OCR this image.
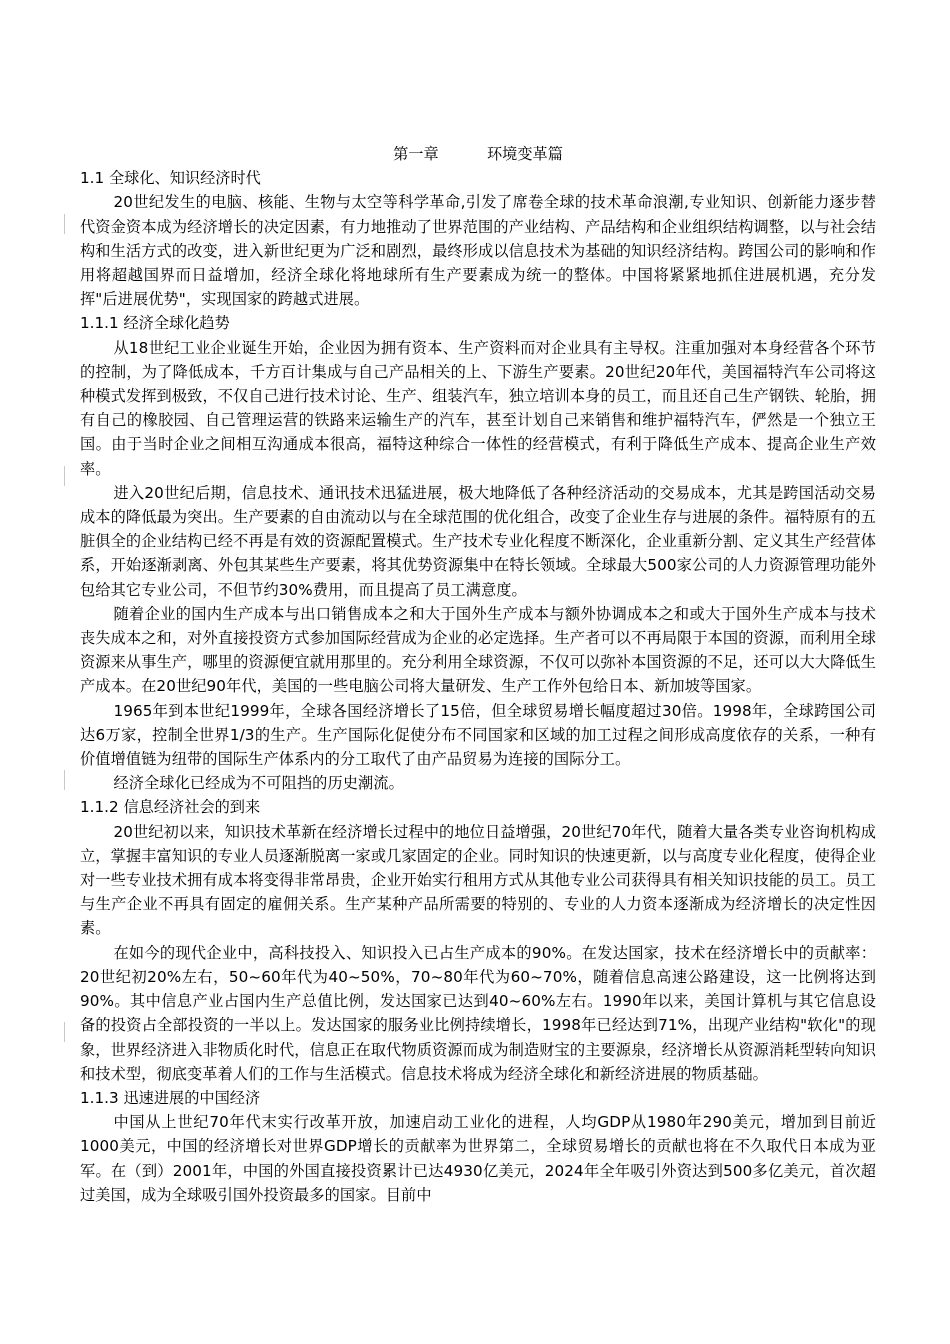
第一章          环境变革篇

1.1 全球化、知识经济时代

20世纪发生的电脑、核能、生物与太空等科学革命,引发了席卷全球的技术革命浪潮,专业知识、创新能力逐步替代资金资本成为经济增长的决定因素，有力地推动了世界范围的产业结构、产品结构和企业组织结构调整，以与社会结构和生活方式的改变，进入新世纪更为广泛和剧烈，最终形成以信息技术为基础的知识经济结构。跨国公司的影响和作用将超越国界而日益增加，经济全球化将地球所有生产要素成为统一的整体。中国将紧紧地抓住进展机遇，充分发挥"后进展优势"，实现国家的跨越式进展。

1.1.1 经济全球化趋势

从18世纪工业企业诞生开始，企业因为拥有资本、生产资料而对企业具有主导权。注重加强对本身经营各个环节的控制，为了降低成本，千方百计集成与自己产品相关的上、下游生产要素。20世纪20年代，美国福特汽车公司将这种模式发挥到极致，不仅自己进行技术讨论、生产、组装汽车，独立培训本身的员工，而且还自己生产钢铁、轮胎，拥有自己的橡胶园、自己管理运营的铁路来运输生产的汽车，甚至计划自己来销售和维护福特汽车，俨然是一个独立王国。由于当时企业之间相互沟通成本很高，福特这种综合一体性的经营模式，有利于降低生产成本、提高企业生产效率。

进入20世纪后期，信息技术、通讯技术迅猛进展，极大地降低了各种经济活动的交易成本，尤其是跨国活动交易成本的降低最为突出。生产要素的自由流动以与在全球范围的优化组合，改变了企业生存与进展的条件。福特原有的五脏俱全的企业结构已经不再是有效的资源配置模式。生产技术专业化程度不断深化，企业重新分割、定义其生产经营体系，开始逐渐剥离、外包其某些生产要素，将其优势资源集中在特长领域。全球最大500家公司的人力资源管理功能外包给其它专业公司，不但节约30%费用，而且提高了员工满意度。

随着企业的国内生产成本与出口销售成本之和大于国外生产成本与额外协调成本之和或大于国外生产成本与技术丧失成本之和，对外直接投资方式参加国际经营成为企业的必定选择。生产者可以不再局限于本国的资源，而利用全球资源来从事生产，哪里的资源便宜就用那里的。充分利用全球资源，不仅可以弥补本国资源的不足，还可以大大降低生产成本。在20世纪90年代，美国的一些电脑公司将大量研发、生产工作外包给日本、新加坡等国家。

1965年到本世纪1999年，全球各国经济增长了15倍，但全球贸易增长幅度超过30倍。1998年，全球跨国公司达6万家，控制全世界1/3的生产。生产国际化促使分布不同国家和区域的加工过程之间形成高度依存的关系，一种有价值增值链为纽带的国际生产体系内的分工取代了由产品贸易为连接的国际分工。

经济全球化已经成为不可阻挡的历史潮流。

1.1.2 信息经济社会的到来

20世纪初以来，知识技术革新在经济增长过程中的地位日益增强，20世纪70年代，随着大量各类专业咨询机构成立，掌握丰富知识的专业人员逐渐脱离一家或几家固定的企业。同时知识的快速更新，以与高度专业化程度，使得企业对一些专业技术拥有成本将变得非常昂贵，企业开始实行租用方式从其他专业公司获得具有相关知识技能的员工。员工与生产企业不再具有固定的雇佣关系。生产某种产品所需要的特别的、专业的人力资本逐渐成为经济增长的决定性因素。

在如今的现代企业中，高科技投入、知识投入已占生产成本的90%。在发达国家，技术在经济增长中的贡献率：20世纪初20%左右，50~60年代为40~50%，70~80年代为60~70%，随着信息高速公路建设，这一比例将达到90%。其中信息产业占国内生产总值比例，发达国家已达到40~60%左右。1990年以来，美国计算机与其它信息设备的投资占全部投资的一半以上。发达国家的服务业比例持续增长，1998年已经达到71%，出现产业结构"软化"的现象，世界经济进入非物质化时代，信息正在取代物质资源而成为制造财宝的主要源泉，经济增长从资源消耗型转向知识和技术型，彻底变革着人们的工作与生活模式。信息技术将成为经济全球化和新经济进展的物质基础。

1.1.3 迅速进展的中国经济

中国从上世纪70年代末实行改革开放，加速启动工业化的进程，人均GDP从1980年290美元，增加到目前近1000美元，中国的经济增长对世界GDP增长的贡献率为世界第二，全球贸易增长的贡献也将在不久取代日本成为亚军。在（到）2001年，中国的外国直接投资累计已达4930亿美元，2024年全年吸引外资达到500多亿美元，首次超过美国，成为全球吸引国外投资最多的国家。目前中
